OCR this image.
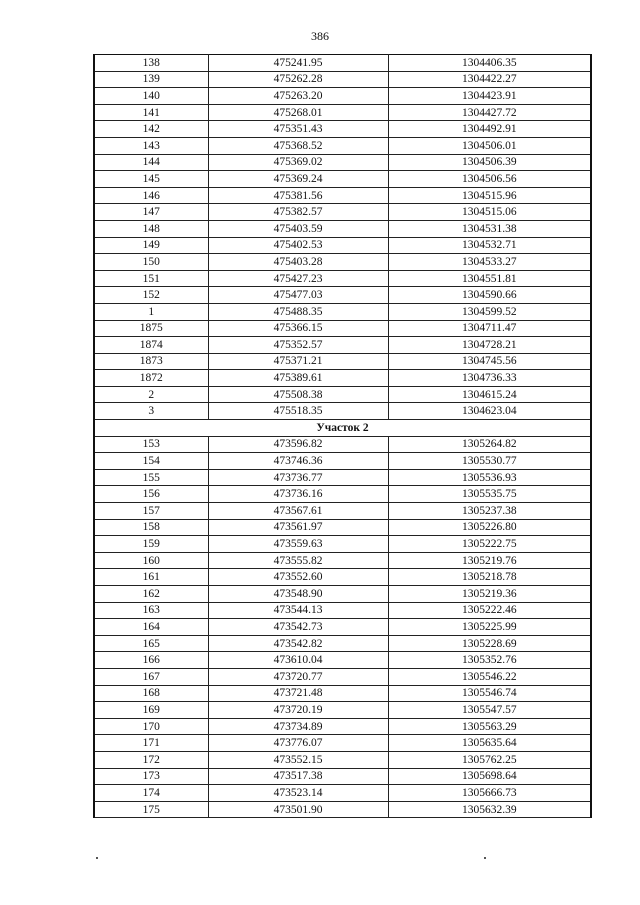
386
138	475241.95	1304406.35
139	475262.28	1304422.27
140	475263.20	1304423.91
141	475268.01	1304427.72
142	475351.43	1304492.91
143	475368.52	1304506.01
144	475369.02	1304506.39
145	475369.24	1304506.56
146	475381.56	1304515.96
147	475382.57	1304515.06
148	475403.59	1304531.38
149	475402.53	1304532.71
150	475403.28	1304533.27
151	475427.23	1304551.81
152	475477.03	1304590.66
1	475488.35	1304599.52
1875	475366.15	1304711.47
1874	475352.57	1304728.21
1873	475371.21	1304745.56
1872	475389.61	1304736.33
2	475508.38	1304615.24
3	475518.35	1304623.04
Участок 2		
153	473596.82	1305264.82
154	473746.36	1305530.77
155	473736.77	1305536.93
156	473736.16	1305535.75
157	473567.61	1305237.38
158	473561.97	1305226.80
159	473559.63	1305222.75
160	473555.82	1305219.76
161	473552.60	1305218.78
162	473548.90	1305219.36
163	473544.13	1305222.46
164	473542.73	1305225.99
165	473542.82	1305228.69
166	473610.04	1305352.76
167	473720.77	1305546.22
168	473721.48	1305546.74
169	473720.19	1305547.57
170	473734.89	1305563.29
171	473776.07	1305635.64
172	473552.15	1305762.25
173	473517.38	1305698.64
174	473523.14	1305666.73
175	473501.90	1305632.39
